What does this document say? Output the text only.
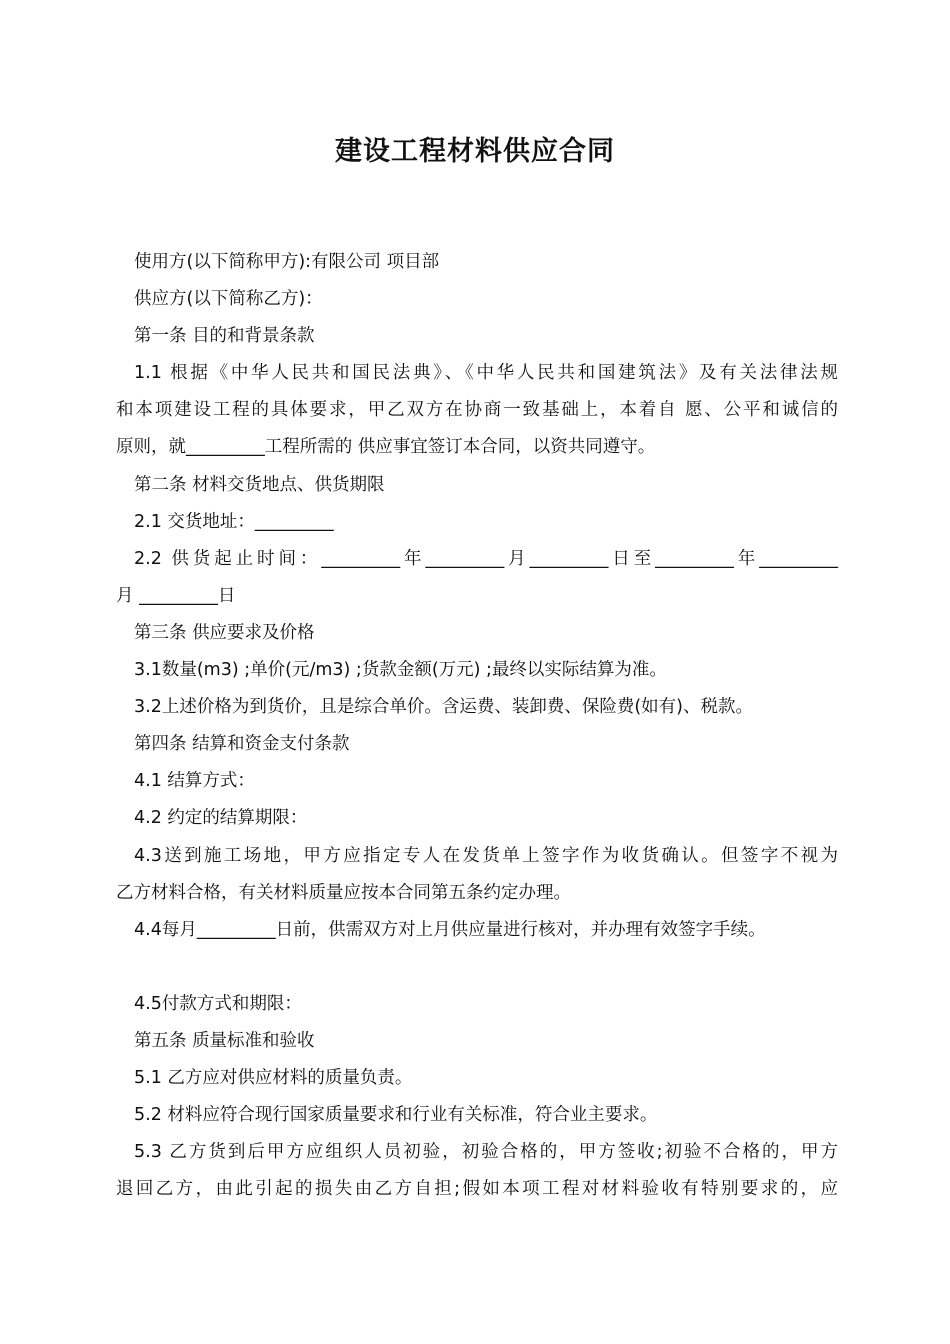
建设工程材料供应合同

使用方(以下简称甲方):有限公司 项目部

供应方(以下简称乙方)：

第一条 目的和背景条款

1.1 根据《中华人民共和国民法典》、《中华人民共和国建筑法》及有关法律法规

和本项建设工程的具体要求，甲乙双方在协商一致基础上，本着自 愿、公平和诚信的

原则，就_________工程所需的 供应事宜签订本合同，以资共同遵守。

第二条 材料交货地点、供货期限

2.1 交货地址：_________

2.2 供货起止时间：_________年_________月_________日至_________年_________

月 _________日

第三条 供应要求及价格

3.1数量(m3) ;单价(元/m3) ;货款金额(万元) ;最终以实际结算为准。

3.2上述价格为到货价，且是综合单价。含运费、装卸费、保险费(如有)、税款。

第四条 结算和资金支付条款

4.1 结算方式：

4.2 约定的结算期限：

4.3送到施工场地，甲方应指定专人在发货单上签字作为收货确认。但签字不视为

乙方材料合格，有关材料质量应按本合同第五条约定办理。

4.4每月_________日前，供需双方对上月供应量进行核对，并办理有效签字手续。

4.5付款方式和期限：

第五条 质量标准和验收

5.1 乙方应对供应材料的质量负责。

5.2 材料应符合现行国家质量要求和行业有关标准，符合业主要求。

5.3 乙方货到后甲方应组织人员初验，初验合格的，甲方签收;初验不合格的，甲方

退回乙方，由此引起的损失由乙方自担;假如本项工程对材料验收有特别要求的，应
